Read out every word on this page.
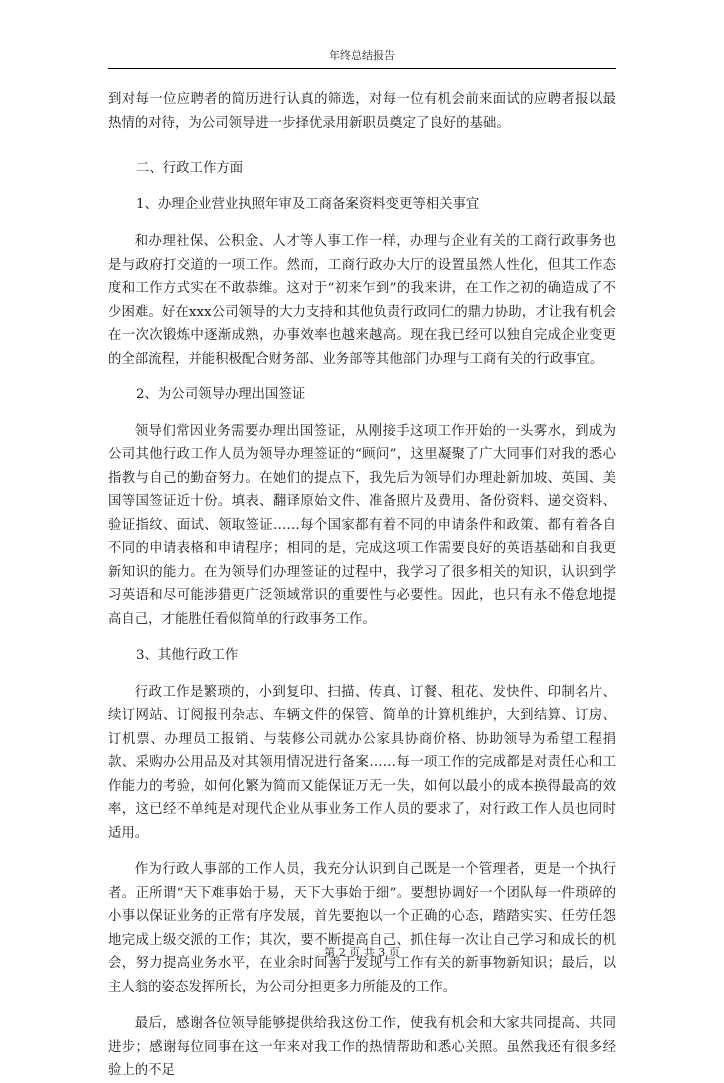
年终总结报告

到对每一位应聘者的简历进行认真的筛选，对每一位有机会前来面试的应聘者报以最热情的对待，为公司领导进一步择优录用新职员奠定了良好的基础。

二、行政工作方面

1、办理企业营业执照年审及工商备案资料变更等相关事宜

和办理社保、公积金、人才等人事工作一样，办理与企业有关的工商行政事务也是与政府打交道的一项工作。然而，工商行政办大厅的设置虽然人性化，但其工作态度和工作方式实在不敢恭维。这对于“初来乍到”的我来讲，在工作之初的确造成了不少困难。好在xxx公司领导的大力支持和其他负责行政同仁的鼎力协助，才让我有机会在一次次锻炼中逐渐成熟，办事效率也越来越高。现在我已经可以独自完成企业变更的全部流程，并能积极配合财务部、业务部等其他部门办理与工商有关的行政事宜。

2、为公司领导办理出国签证

领导们常因业务需要办理出国签证，从刚接手这项工作开始的一头雾水，到成为公司其他行政工作人员为领导办理签证的“顾问”，这里凝聚了广大同事们对我的悉心指教与自己的勤奋努力。在她们的提点下，我先后为领导们办理赴新加坡、英国、美国等国签证近十份。填表、翻译原始文件、准备照片及费用、备份资料、递交资料、验证指纹、面试、领取签证……每个国家都有着不同的申请条件和政策、都有着各自不同的申请表格和申请程序；相同的是，完成这项工作需要良好的英语基础和自我更新知识的能力。在为领导们办理签证的过程中，我学习了很多相关的知识，认识到学习英语和尽可能涉猎更广泛领域常识的重要性与必要性。因此，也只有永不倦怠地提高自己，才能胜任看似简单的行政事务工作。

3、其他行政工作

行政工作是繁琐的，小到复印、扫描、传真、订餐、租花、发快件、印制名片、续订网站、订阅报刊杂志、车辆文件的保管、简单的计算机维护，大到结算、订房、订机票、办理员工报销、与装修公司就办公家具协商价格、协助领导为希望工程捐款、采购办公用品及对其领用情况进行备案……每一项工作的完成都是对责任心和工作能力的考验，如何化繁为简而又能保证万无一失，如何以最小的成本换得最高的效率，这已经不单纯是对现代企业从事业务工作人员的要求了，对行政工作人员也同时适用。

作为行政人事部的工作人员，我充分认识到自己既是一个管理者，更是一个执行者。正所谓“天下难事始于易，天下大事始于细”。要想协调好一个团队每一件琐碎的小事以保证业务的正常有序发展，首先要抱以一个正确的心态，踏踏实实、任劳任怨地完成上级交派的工作；其次，要不断提高自己、抓住每一次让自己学习和成长的机会，努力提高业务水平，在业余时间善于发现与工作有关的新事物新知识；最后，以主人翁的姿态发挥所长，为公司分担更多力所能及的工作。

最后，感谢各位领导能够提供给我这份工作，使我有机会和大家共同提高、共同进步；感谢每位同事在这一年来对我工作的热情帮助和悉心关照。虽然我还有很多经验上的不足

第 2 页 共 3 页
